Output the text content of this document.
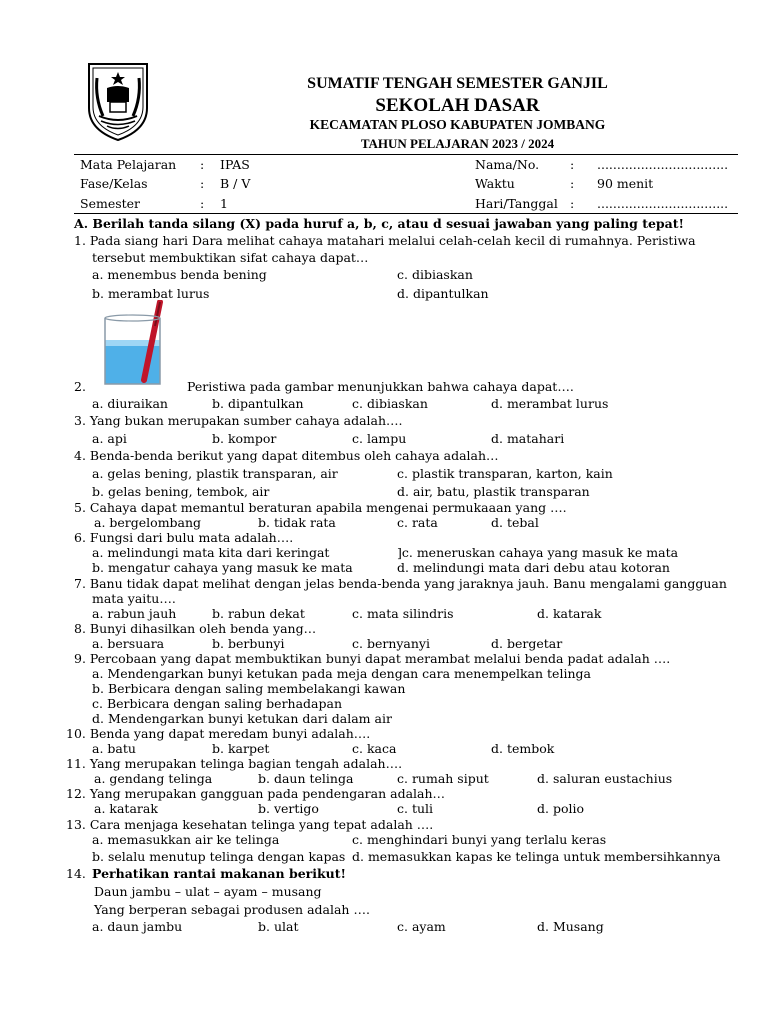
SUMATIF TENGAH SEMESTER GANJIL
SEKOLAH DASAR
KECAMATAN PLOSO KABUPATEN JOMBANG
TAHUN PELAJARAN 2023 / 2024
Mata Pelajaran : IPAS
Fase/Kelas	: B / V
Semester	: 1
Nama/No. : .................................
Waktu	: 90 menit
Hari/Tanggal : .................................
A. Berilah tanda silang (X) pada huruf a, b, c, atau d sesuai jawaban yang paling tepat!
1. Pada siang hari Dara melihat cahaya matahari melalui celah-celah kecil di rumahnya. Peristiwa
tersebut membuktikan sifat cahaya dapat…
a. menembus benda bening	c. dibiaskan
b. merambat lurus	d. dipantulkan
2.	Peristiwa pada gambar menunjukkan bahwa cahaya dapat….
a. diuraikan	b. dipantulkan	c. dibiaskan	d. merambat lurus
3. Yang bukan merupakan sumber cahaya adalah….
a. api	b. kompor	c. lampu	d. matahari
4. Benda-benda berikut yang dapat ditembus oleh cahaya adalah…
a. gelas bening, plastik transparan, air	c. plastik transparan, karton, kain
b. gelas bening, tembok, air	d. air, batu, plastik transparan
5. Cahaya dapat memantul beraturan apabila mengenai permukaaan yang ….
a. bergelombang	b. tidak rata	c. rata	d. tebal
6. Fungsi dari bulu mata adalah….
a. melindungi mata kita dari keringat	]c. meneruskan cahaya yang masuk ke mata
b. mengatur cahaya yang masuk ke mata	d. melindungi mata dari debu atau kotoran
7. Banu tidak dapat melihat dengan jelas benda-benda yang jaraknya jauh. Banu mengalami gangguan
mata yaitu….
a. rabun jauh	b. rabun dekat	c. mata silindris	d. katarak
8. Bunyi dihasilkan oleh benda yang…
a. bersuara	b. berbunyi	c. bernyanyi	d. bergetar
9. Percobaan yang dapat membuktikan bunyi dapat merambat melalui benda padat adalah ….
a. Mendengarkan bunyi ketukan pada meja dengan cara menempelkan telinga
b. Berbicara dengan saling membelakangi kawan
c. Berbicara dengan saling berhadapan
d. Mendengarkan bunyi ketukan dari dalam air
10. Benda yang dapat meredam bunyi adalah….
a. batu	b. karpet	c. kaca	d. tembok
11. Yang merupakan telinga bagian tengah adalah….
a. gendang telinga	b. daun telinga	c. rumah siput	d. saluran eustachius
12. Yang merupakan gangguan pada pendengaran adalah…
a. katarak	b. vertigo	c. tuli	d. polio
13. Cara menjaga kesehatan telinga yang tepat adalah ….
a. memasukkan air ke telinga	c. menghindari bunyi yang terlalu keras
b. selalu menutup telinga dengan kapas d. memasukkan kapas ke telinga untuk membersihkannya
14. Perhatikan rantai makanan berikut!
Daun jambu – ulat – ayam – musang
Yang berperan sebagai produsen adalah ….
a. daun jambu	b. ulat	c. ayam	d. Musang
